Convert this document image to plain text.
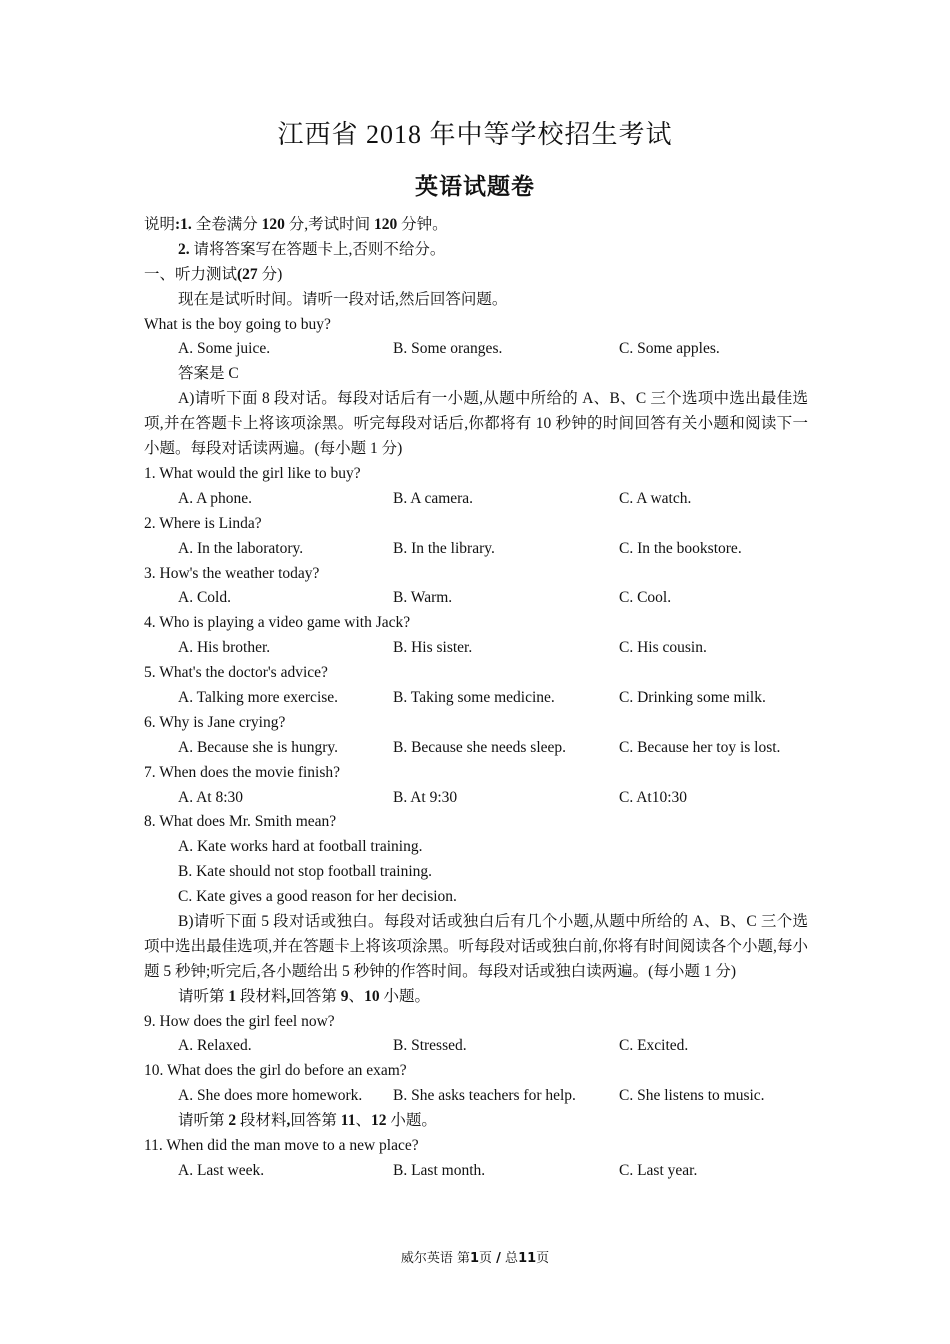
江西省 2018 年中等学校招生考试
英语试题卷
说明:1. 全卷满分 120 分,考试时间 120 分钟。
2. 请将答案写在答题卡上,否则不给分。
一、听力测试(27 分)
现在是试听时间。请听一段对话,然后回答问题。
What is the boy going to buy?
A. Some juice.	B. Some oranges.	C. Some apples.
答案是 C
A)请听下面 8 段对话。每段对话后有一小题,从题中所给的 A、B、C 三个选项中选出最佳选项,并在答题卡上将该项涂黑。听完每段对话后,你都将有 10 秒钟的时间回答有关小题和阅读下一小题。每段对话读两遍。(每小题 1 分)
1. What would the girl like to buy?
A. A phone.	B. A camera.	C. A watch.
2. Where is Linda?
A. In the laboratory.	B. In the library.	C. In the bookstore.
3. How's the weather today?
A. Cold.	B. Warm.	C. Cool.
4. Who is playing a video game with Jack?
A. His brother.	B. His sister.	C. His cousin.
5. What's the doctor's advice?
A. Talking more exercise.	B. Taking some medicine.	C. Drinking some milk.
6. Why is Jane crying?
A. Because she is hungry.	B. Because she needs sleep.	C. Because her toy is lost.
7. When does the movie finish?
A. At 8:30	B. At 9:30	C. At10:30
8. What does Mr. Smith mean?
A. Kate works hard at football training.
B. Kate should not stop football training.
C. Kate gives a good reason for her decision.
B)请听下面 5 段对话或独白。每段对话或独白后有几个小题,从题中所给的 A、B、C 三个选项中选出最佳选项,并在答题卡上将该项涂黑。听每段对话或独白前,你将有时间阅读各个小题,每小题 5 秒钟;听完后,各小题给出 5 秒钟的作答时间。每段对话或独白读两遍。(每小题 1 分)
请听第 1 段材料,回答第 9、10 小题。
9. How does the girl feel now?
A. Relaxed.	B. Stressed.	C. Excited.
10. What does the girl do before an exam?
A. She does more homework.	B. She asks teachers for help.	C. She listens to music.
请听第 2 段材料,回答第 11、12 小题。
11. When did the man move to a new place?
A. Last week.	B. Last month.	C. Last year.
威尔英语 第1页 / 总11页
